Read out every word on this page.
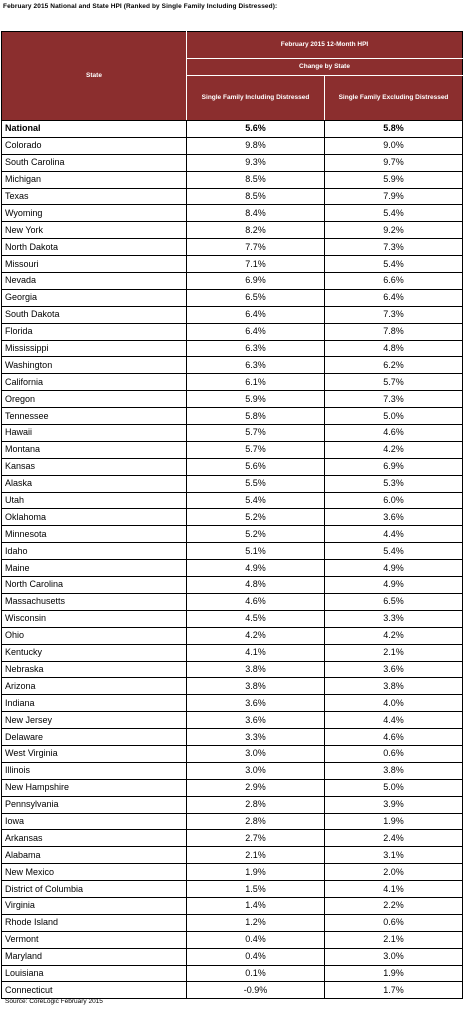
February 2015 National and State HPI (Ranked by Single Family Including Distressed):
State	February 2015 12-Month HPI	
	Change by State	
	Single Family Including Distressed	Single Family Excluding Distressed
National	5.6%	5.8%
Colorado	9.8%	9.0%
South Carolina	9.3%	9.7%
Michigan	8.5%	5.9%
Texas	8.5%	7.9%
Wyoming	8.4%	5.4%
New York	8.2%	9.2%
North Dakota	7.7%	7.3%
Missouri	7.1%	5.4%
Nevada	6.9%	6.6%
Georgia	6.5%	6.4%
South Dakota	6.4%	7.3%
Florida	6.4%	7.8%
Mississippi	6.3%	4.8%
Washington	6.3%	6.2%
California	6.1%	5.7%
Oregon	5.9%	7.3%
Tennessee	5.8%	5.0%
Hawaii	5.7%	4.6%
Montana	5.7%	4.2%
Kansas	5.6%	6.9%
Alaska	5.5%	5.3%
Utah	5.4%	6.0%
Oklahoma	5.2%	3.6%
Minnesota	5.2%	4.4%
Idaho	5.1%	5.4%
Maine	4.9%	4.9%
North Carolina	4.8%	4.9%
Massachusetts	4.6%	6.5%
Wisconsin	4.5%	3.3%
Ohio	4.2%	4.2%
Kentucky	4.1%	2.1%
Nebraska	3.8%	3.6%
Arizona	3.8%	3.8%
Indiana	3.6%	4.0%
New Jersey	3.6%	4.4%
Delaware	3.3%	4.6%
West Virginia	3.0%	0.6%
Illinois	3.0%	3.8%
New Hampshire	2.9%	5.0%
Pennsylvania	2.8%	3.9%
Iowa	2.8%	1.9%
Arkansas	2.7%	2.4%
Alabama	2.1%	3.1%
New Mexico	1.9%	2.0%
District of Columbia	1.5%	4.1%
Virginia	1.4%	2.2%
Rhode Island	1.2%	0.6%
Vermont	0.4%	2.1%
Maryland	0.4%	3.0%
Louisiana	0.1%	1.9%
Connecticut	-0.9%	1.7%
Source: CoreLogic February 2015
